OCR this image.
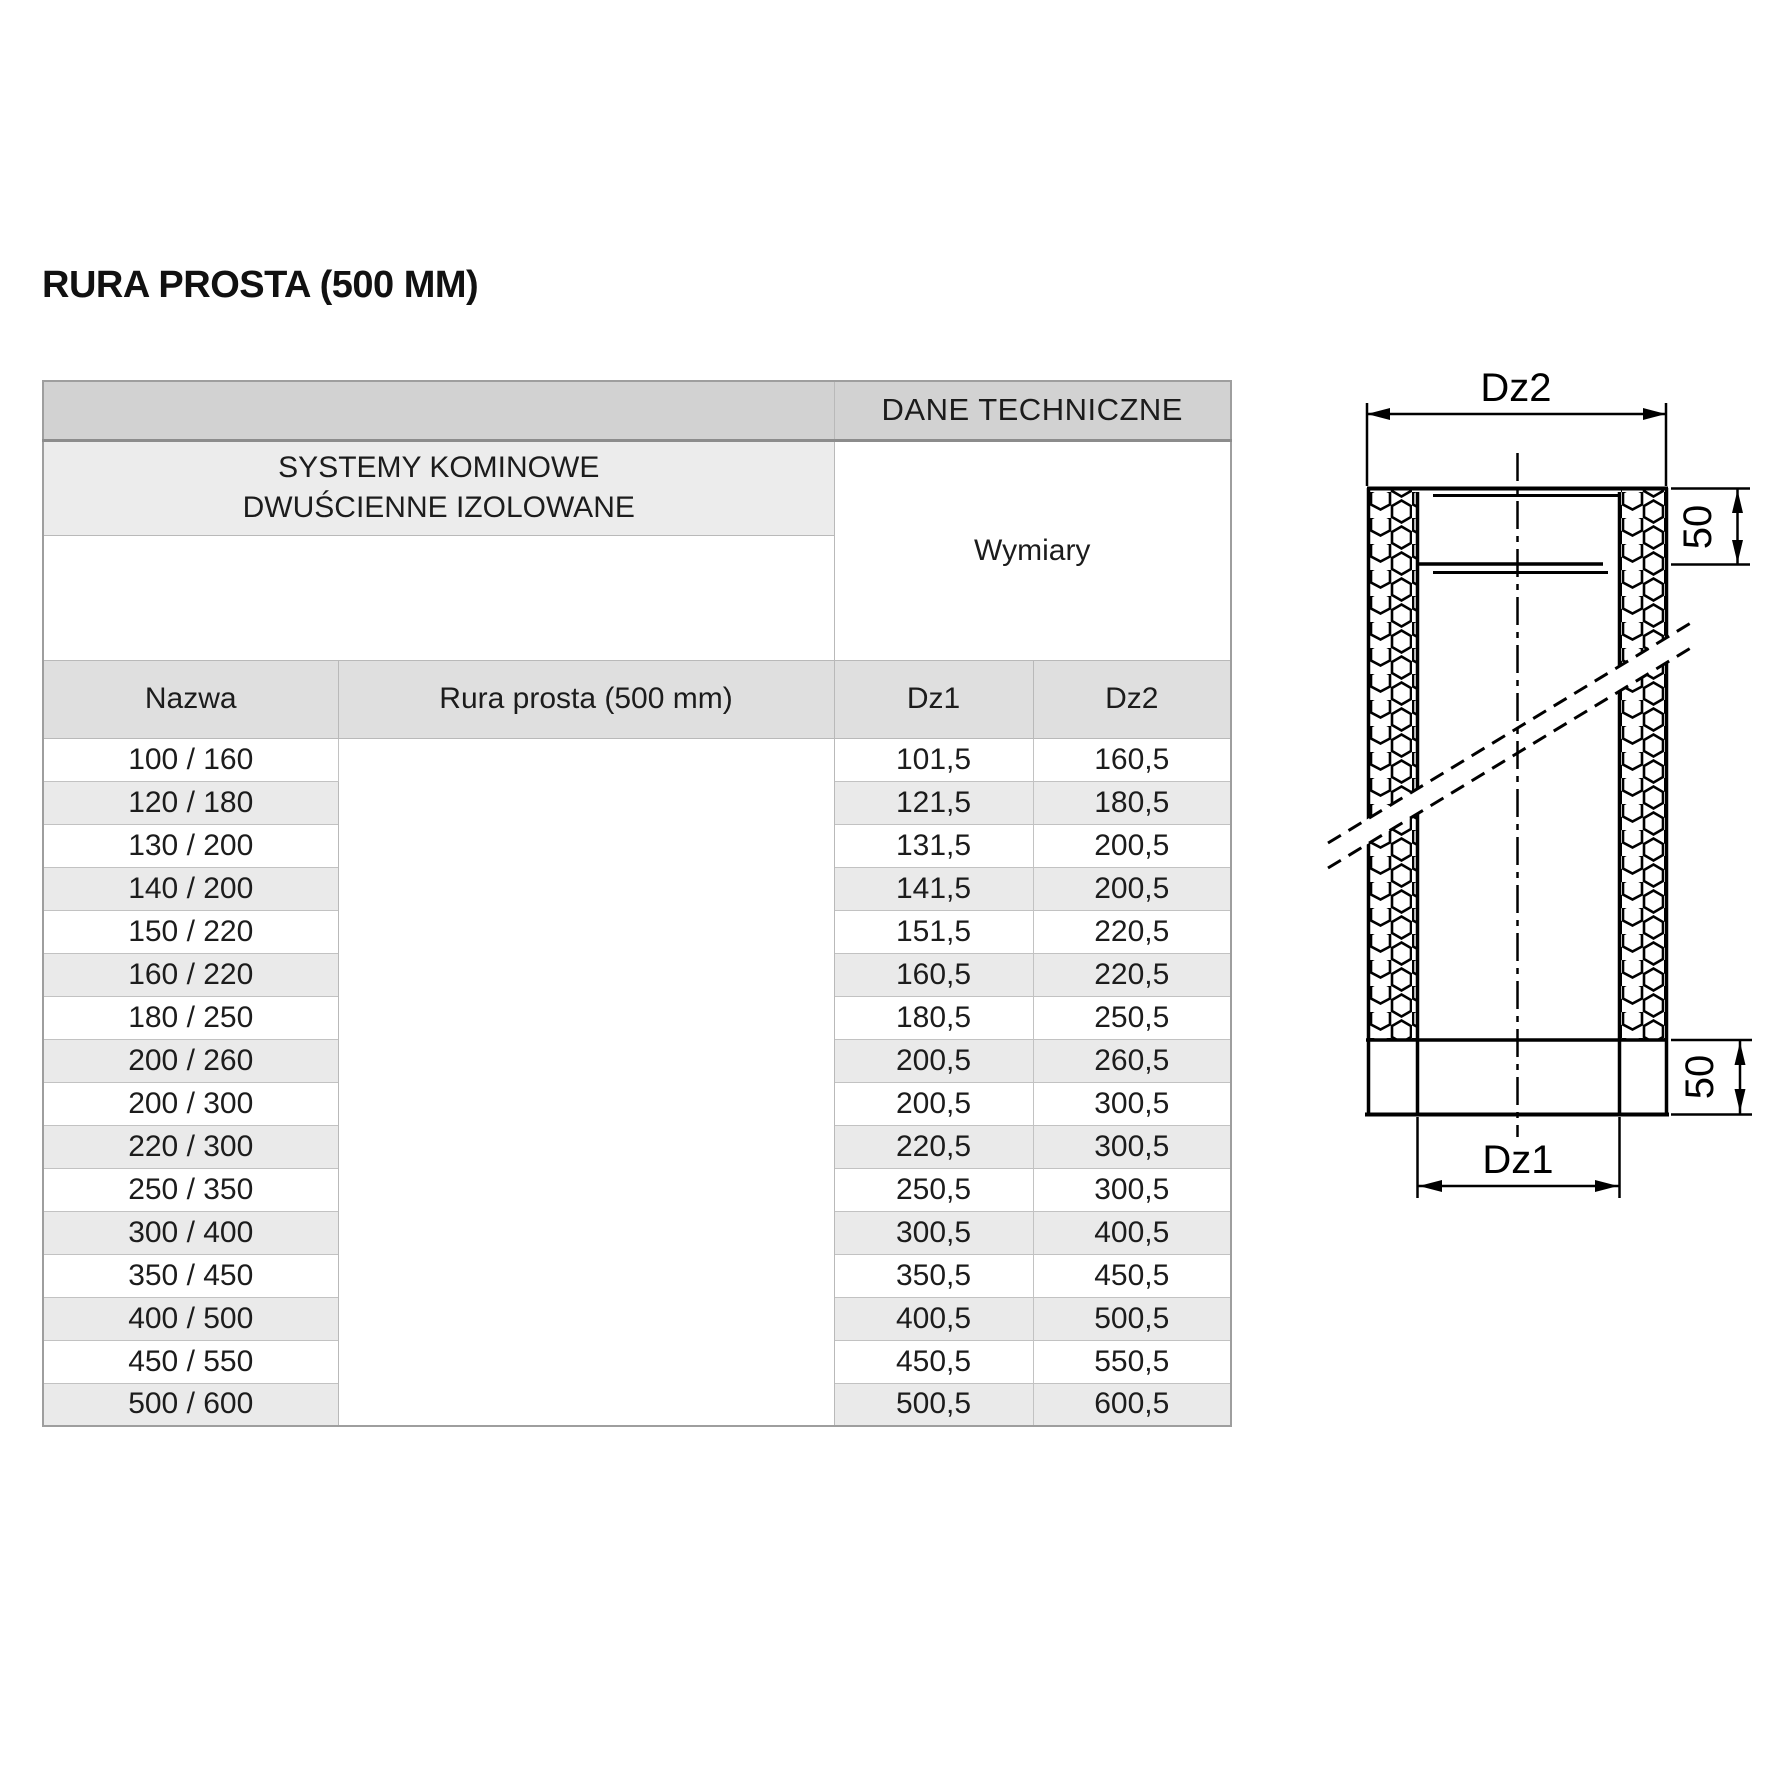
RURA PROSTA (500 MM)
		DANE TECHNICZNE	
SYSTEMY KOMINOWE
DWUŚCIENNE IZOLOWANE		Wymiary	

Nazwa	Rura prosta (500 mm)	Dz1	Dz2
100 / 160		101,5	160,5
120 / 180		121,5	180,5
130 / 200		131,5	200,5
140 / 200		141,5	200,5
150 / 220		151,5	220,5
160 / 220		160,5	220,5
180 / 250		180,5	250,5
200 / 260		200,5	260,5
200 / 300		200,5	300,5
220 / 300		220,5	300,5
250 / 350		250,5	300,5
300 / 400		300,5	400,5
350 / 450		350,5	450,5
400 / 500		400,5	500,5
450 / 550		450,5	550,5
500 / 600		500,5	600,5
Dz2
50
50
Dz1
